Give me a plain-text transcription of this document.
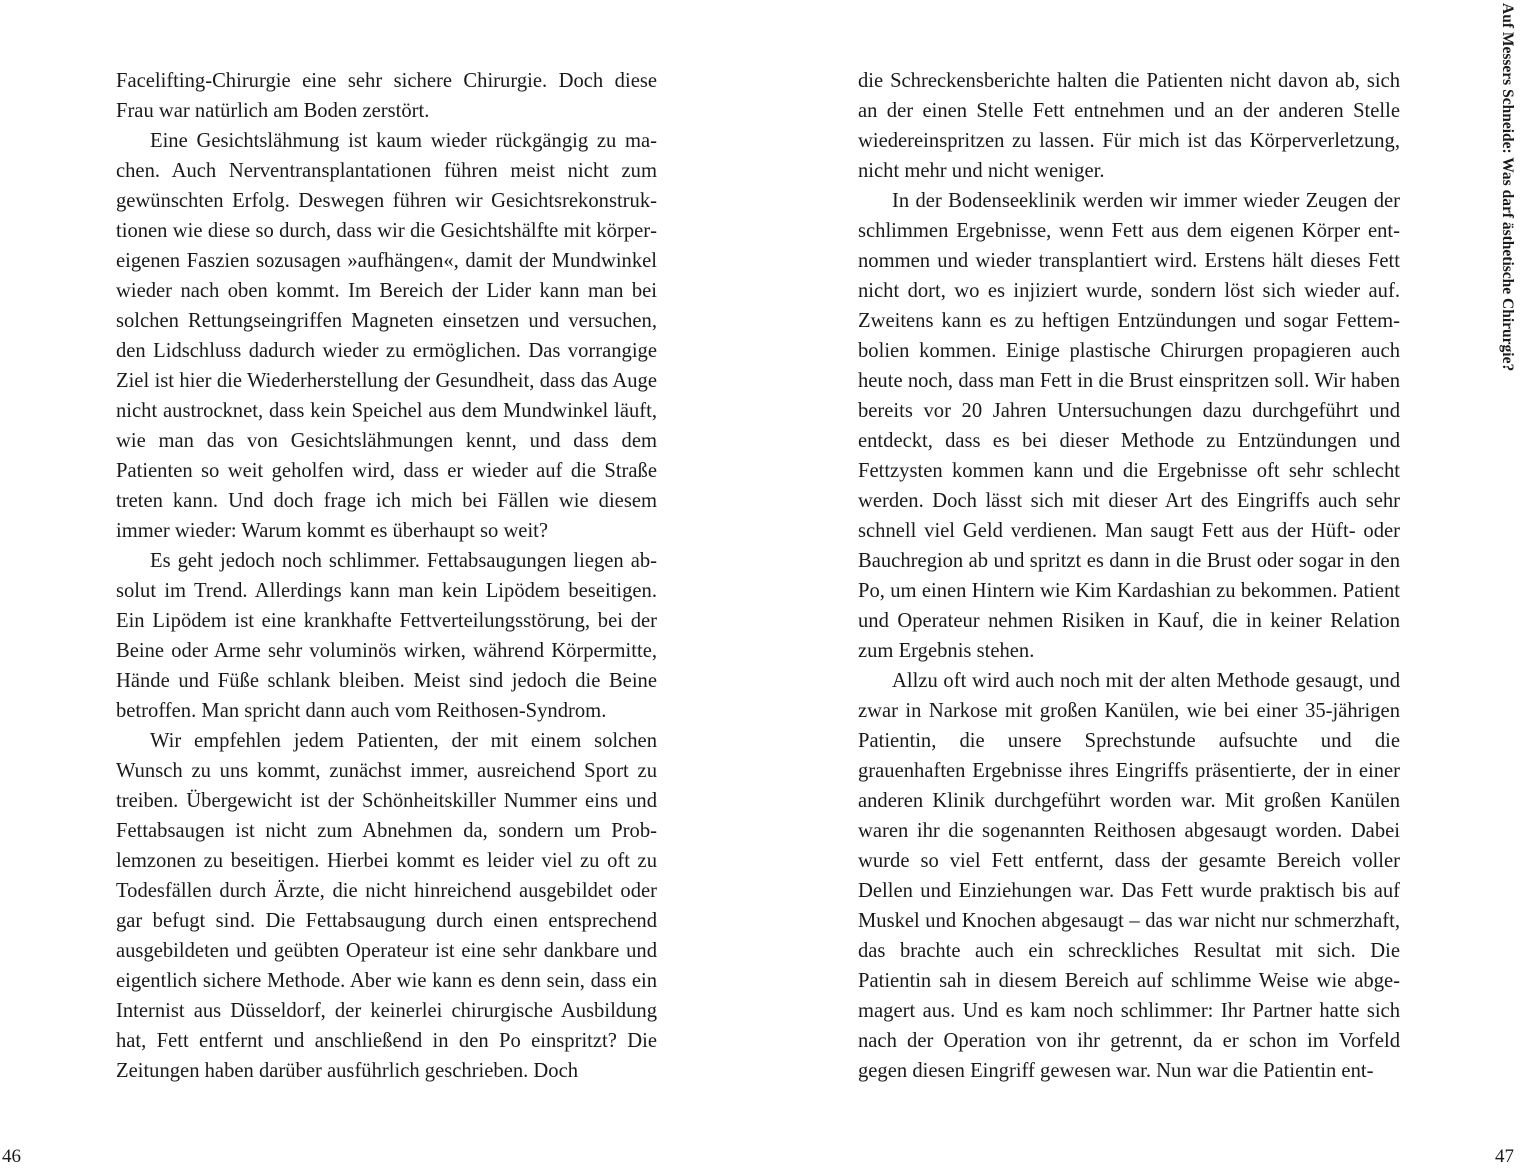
Facelifting-Chirurgie eine sehr sichere Chirurgie. Doch diese Frau war natürlich am Boden zerstört.

Eine Gesichtslähmung ist kaum wieder rückgängig zu machen. Auch Nerventransplantationen führen meist nicht zum gewünschten Erfolg. Deswegen führen wir Gesichtsrekonstruktionen wie diese so durch, dass wir die Gesichtshälfte mit körpereigenen Faszien sozusagen »aufhängen«, damit der Mundwinkel wieder nach oben kommt. Im Bereich der Lider kann man bei solchen Rettungseingriffen Magneten einsetzen und versuchen, den Lidschluss dadurch wieder zu ermöglichen. Das vorrangige Ziel ist hier die Wiederherstellung der Gesundheit, dass das Auge nicht austrocknet, dass kein Speichel aus dem Mundwinkel läuft, wie man das von Gesichtslähmungen kennt, und dass dem Patienten so weit geholfen wird, dass er wieder auf die Straße treten kann. Und doch frage ich mich bei Fällen wie diesem immer wieder: Warum kommt es überhaupt so weit?

Es geht jedoch noch schlimmer. Fettabsaugungen liegen absolut im Trend. Allerdings kann man kein Lipödem beseitigen. Ein Lipödem ist eine krankhafte Fettverteilungsstörung, bei der Beine oder Arme sehr voluminös wirken, während Körpermitte, Hände und Füße schlank bleiben. Meist sind jedoch die Beine betroffen. Man spricht dann auch vom Reithosen-Syndrom.

Wir empfehlen jedem Patienten, der mit einem solchen Wunsch zu uns kommt, zunächst immer, ausreichend Sport zu treiben. Übergewicht ist der Schönheitskiller Nummer eins und Fettabsaugen ist nicht zum Abnehmen da, sondern um Problemzonen zu beseitigen. Hierbei kommt es leider viel zu oft zu Todesfällen durch Ärzte, die nicht hinreichend ausgebildet oder gar befugt sind. Die Fettabsaugung durch einen entsprechend ausgebildeten und geübten Operateur ist eine sehr dankbare und eigentlich sichere Methode. Aber wie kann es denn sein, dass ein Internist aus Düsseldorf, der keinerlei chirurgische Ausbildung hat, Fett entfernt und anschließend in den Po einspritzt? Die Zeitungen haben darüber ausführlich geschrieben. Doch

die Schreckensberichte halten die Patienten nicht davon ab, sich an der einen Stelle Fett entnehmen und an der anderen Stelle wiedereinspritzen zu lassen. Für mich ist das Körperverletzung, nicht mehr und nicht weniger.

In der Bodenseeklinik werden wir immer wieder Zeugen der schlimmen Ergebnisse, wenn Fett aus dem eigenen Körper entnommen und wieder transplantiert wird. Erstens hält dieses Fett nicht dort, wo es injiziert wurde, sondern löst sich wieder auf. Zweitens kann es zu heftigen Entzündungen und sogar Fettembolien kommen. Einige plastische Chirurgen propagieren auch heute noch, dass man Fett in die Brust einspritzen soll. Wir haben bereits vor 20 Jahren Untersuchungen dazu durchgeführt und entdeckt, dass es bei dieser Methode zu Entzündungen und Fettzysten kommen kann und die Ergebnisse oft sehr schlecht werden. Doch lässt sich mit dieser Art des Eingriffs auch sehr schnell viel Geld verdienen. Man saugt Fett aus der Hüft- oder Bauchregion ab und spritzt es dann in die Brust oder sogar in den Po, um einen Hintern wie Kim Kardashian zu bekommen. Patient und Operateur nehmen Risiken in Kauf, die in keiner Relation zum Ergebnis stehen.

Allzu oft wird auch noch mit der alten Methode gesaugt, und zwar in Narkose mit großen Kanülen, wie bei einer 35-jährigen Patientin, die unsere Sprechstunde aufsuchte und die grauenhaften Ergebnisse ihres Eingriffs präsentierte, der in einer anderen Klinik durchgeführt worden war. Mit großen Kanülen waren ihr die sogenannten Reithosen abgesaugt worden. Dabei wurde so viel Fett entfernt, dass der gesamte Bereich voller Dellen und Einziehungen war. Das Fett wurde praktisch bis auf Muskel und Knochen abgesaugt – das war nicht nur schmerzhaft, das brachte auch ein schreckliches Resultat mit sich. Die Patientin sah in diesem Bereich auf schlimme Weise wie abgemagert aus. Und es kam noch schlimmer: Ihr Partner hatte sich nach der Operation von ihr getrennt, da er schon im Vorfeld gegen diesen Eingriff gewesen war. Nun war die Patientin ent-

Auf Messers Schneide: Was darf ästhetische Chirurgie?
46	47
